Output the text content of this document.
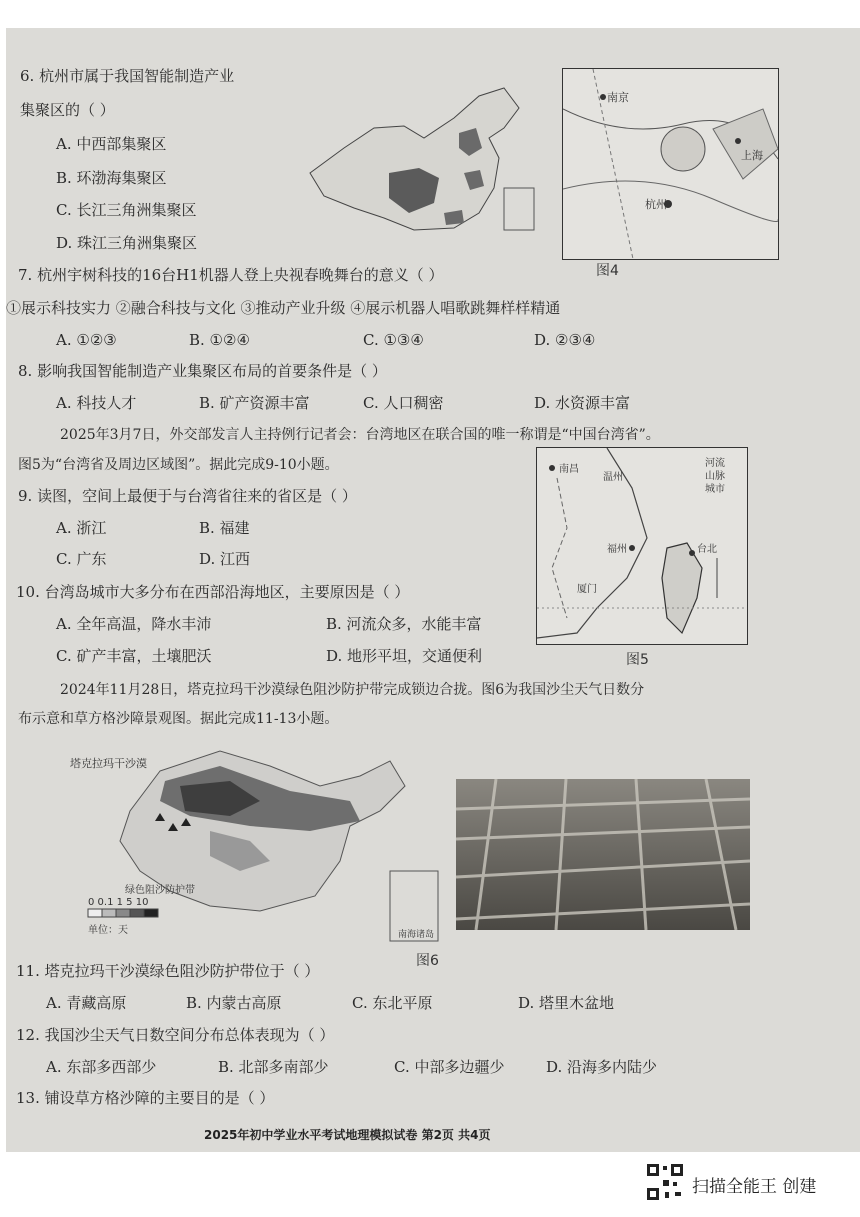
6. 杭州市属于我国智能制造产业
集聚区的（ ）
A. 中西部集聚区
B. 环渤海集聚区
C. 长江三角洲集聚区
D. 珠江三角洲集聚区
南京
上海
杭州
图4
7. 杭州宇树科技的16台H1机器人登上央视春晚舞台的意义（ ）
①展示科技实力 ②融合科技与文化 ③推动产业升级 ④展示机器人唱歌跳舞样样精通
A. ①②③	B. ①②④	C. ①③④	D. ②③④
8. 影响我国智能制造产业集聚区布局的首要条件是（ ）
A. 科技人才	B. 矿产资源丰富	C. 人口稠密	D. 水资源丰富
2025年3月7日，外交部发言人主持例行记者会：台湾地区在联合国的唯一称谓是“中国台湾省”。
图5为“台湾省及周边区域图”。据此完成9-10小题。	南昌
温州
福州
厦门
台北
河流
山脉
城市
图5
9. 读图，空间上最便于与台湾省往来的省区是（ ）
A. 浙江	B. 福建
C. 广东	D. 江西
10. 台湾岛城市大多分布在西部沿海地区，主要原因是（ ）
A. 全年高温，降水丰沛	B. 河流众多，水能丰富
C. 矿产丰富，土壤肥沃	D. 地形平坦，交通便利
2024年11月28日，塔克拉玛干沙漠绿色阻沙防护带完成锁边合拢。图6为我国沙尘天气日数分
布示意和草方格沙障景观图。据此完成11-13小题。
塔克拉玛干沙漠
绿色阻沙防护带
0 0.1 1 5 10
单位：天	南海诸岛
图6
11. 塔克拉玛干沙漠绿色阻沙防护带位于（ ）
A. 青藏高原	B. 内蒙古高原	C. 东北平原	D. 塔里木盆地
12. 我国沙尘天气日数空间分布总体表现为（ ）
A. 东部多西部少	B. 北部多南部少	C. 中部多边疆少	D. 沿海多内陆少
13. 铺设草方格沙障的主要目的是（ ）
2025年初中学业水平考试地理模拟试卷 第2页 共4页
扫描全能王 创建
